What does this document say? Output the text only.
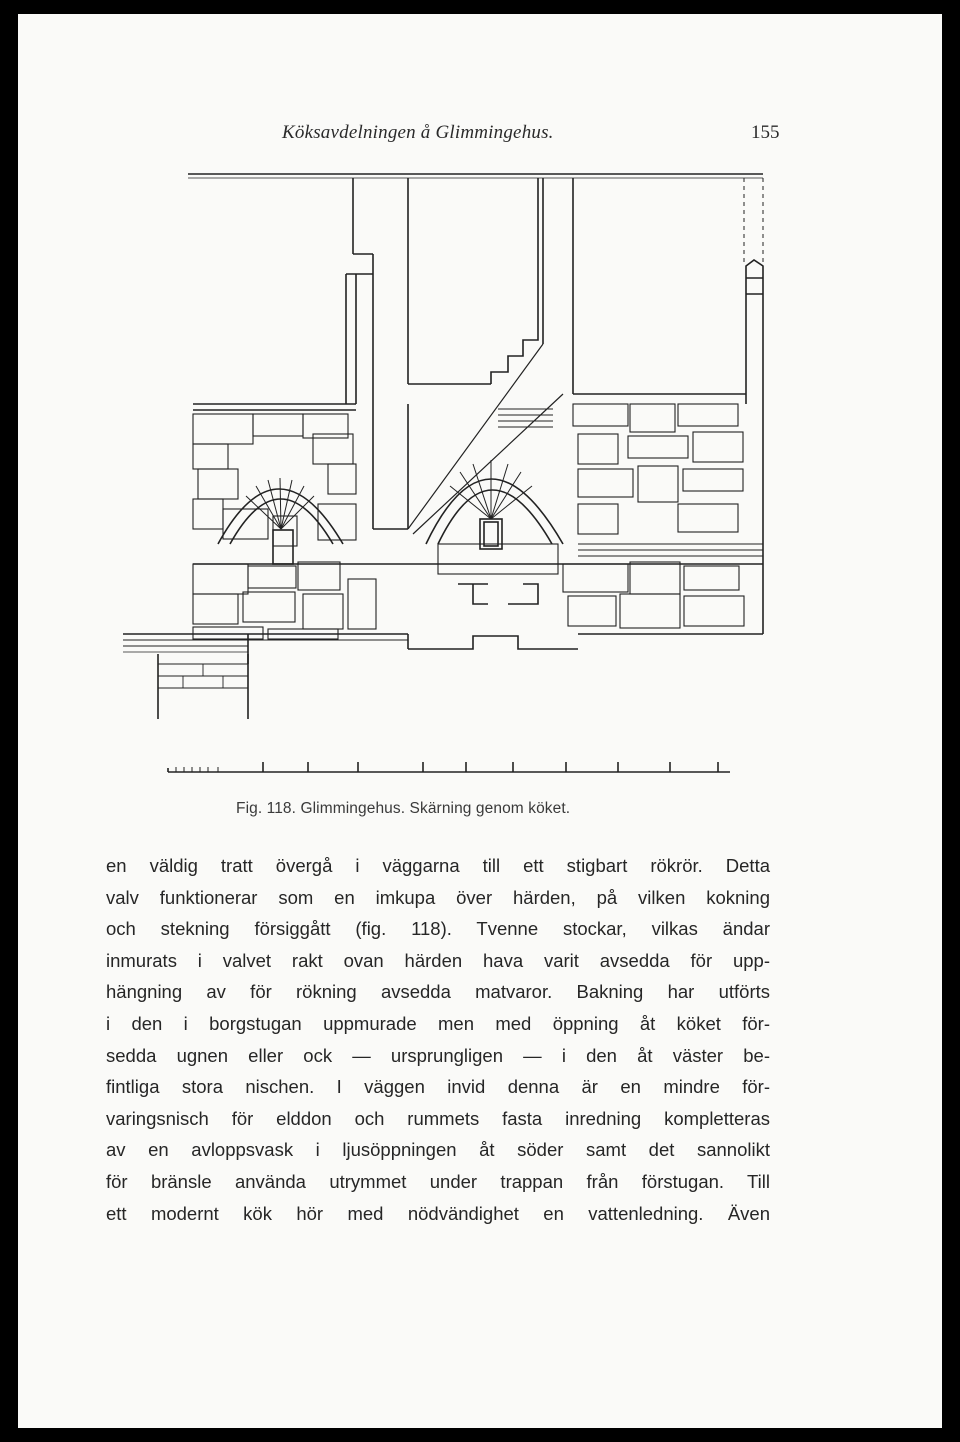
Köksavdelningen å Glimmingehus.	155
Fig. 118. Glimmingehus. Skärning genom köket.
en väldig tratt övergå i väggarna till ett stigbart rökrör. Detta
valv funktionerar som en imkupa över härden, på vilken kokning
och stekning försiggått (fig. 118). Tvenne stockar, vilkas ändar
inmurats i valvet rakt ovan härden hava varit avsedda för upp-
hängning av för rökning avsedda matvaror. Bakning har utförts
i den i borgstugan uppmurade men med öppning åt köket för-
sedda ugnen eller ock — ursprungligen — i den åt väster be-
fintliga stora nischen. I väggen invid denna är en mindre för-
varingsnisch för elddon och rummets fasta inredning kompletteras
av en avloppsvask i ljusöppningen åt söder samt det sannolikt
för bränsle använda utrymmet under trappan från förstugan. Till
ett modernt kök hör med nödvändighet en vattenledning. Även
